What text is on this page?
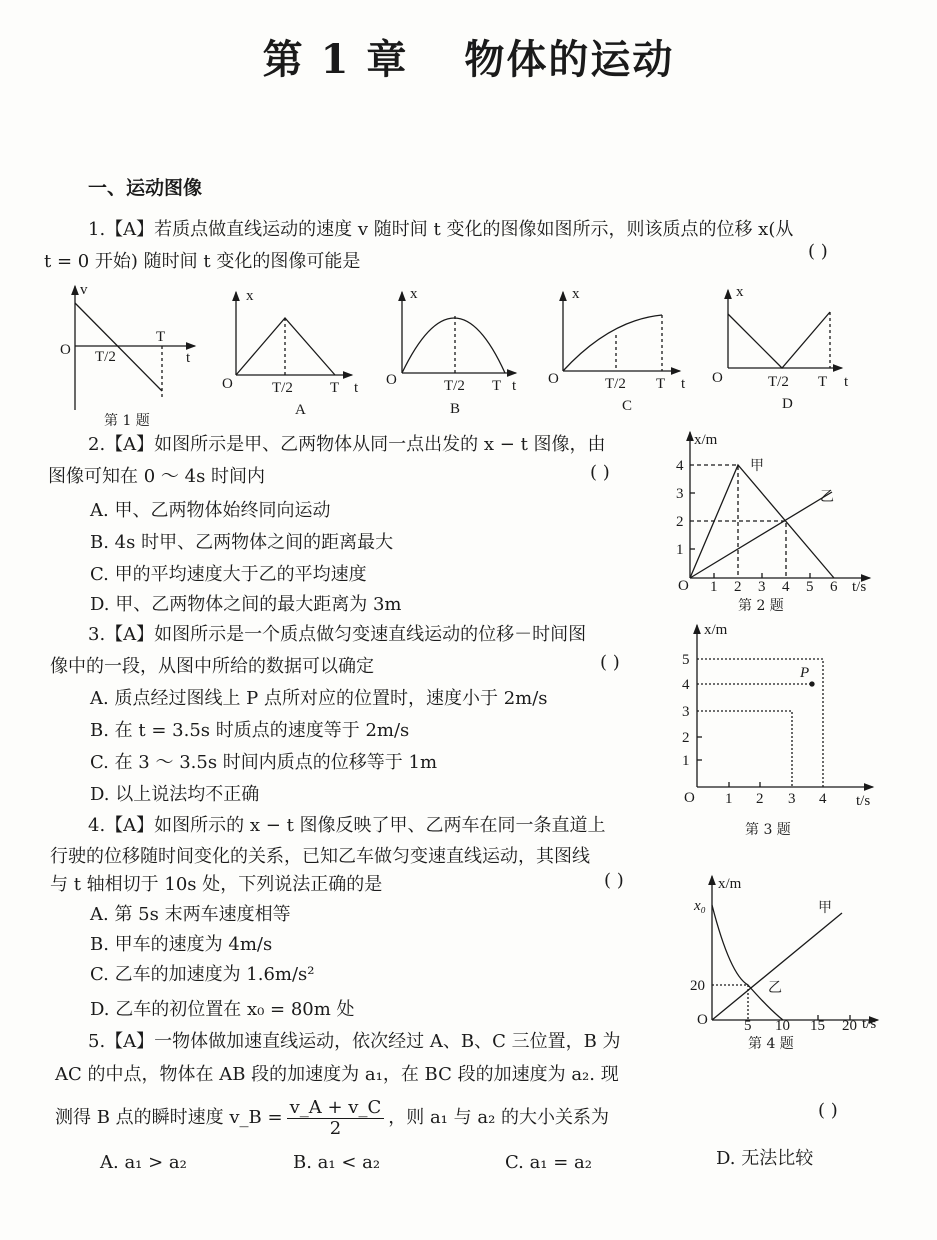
第 1 章 物体的运动
一、运动图像
1.【A】若质点做直线运动的速度 v 随时间 t 变化的图像如图所示，则该质点的位移 x(从
t = 0 开始) 随时间 t 变化的图像可能是	( )
2.【A】如图所示是甲、乙两物体从同一点出发的 x − t 图像，由
图像可知在 0 ～ 4s 时间内	( )
A. 甲、乙两物体始终同向运动
B. 4s 时甲、乙两物体之间的距离最大
C. 甲的平均速度大于乙的平均速度
D. 甲、乙两物体之间的最大距离为 3m
3.【A】如图所示是一个质点做匀变速直线运动的位移－时间图
像中的一段，从图中所给的数据可以确定	( )
A. 质点经过图线上 P 点所对应的位置时，速度小于 2m/s
B. 在 t = 3.5s 时质点的速度等于 2m/s
C. 在 3 ～ 3.5s 时间内质点的位移等于 1m
D. 以上说法均不正确
4.【A】如图所示的 x − t 图像反映了甲、乙两车在同一条直道上
行驶的位移随时间变化的关系，已知乙车做匀变速直线运动，其图线
与 t 轴相切于 10s 处，下列说法正确的是	( )
A. 第 5s 末两车速度相等
B. 甲车的速度为 4m/s
C. 乙车的加速度为 1.6m/s²
D. 乙车的初位置在 x₀ = 80m 处
5.【A】一物体做加速直线运动，依次经过 A、B、C 三位置，B 为
AC 的中点，物体在 AB 段的加速度为 a₁，在 BC 段的加速度为 a₂. 现
测得 B 点的瞬时速度 v_B = $\frac{v\_A + v\_C}{2}$ ，则 a₁ 与 a₂ 的大小关系为	( )
A. a₁ > a₂	B. a₁ < a₂	C. a₁ = a₂	D. 无法比较
v
O T/2
T
t
第 1 题
x
O	T/2 T t
A
x
O	T/2 T t
B
x
O	T/2 T t
C
x
O	T/2 T t
D
x/m
4
3
2
1
O 1 2 3 4 5 6 t/s
甲
乙
第 2 题
x/m
5
4
3
2
1
O 1 2 3 4 t/s
P
第 3 题
x/m
x₀
20
O 5 10 15 20 t/s
甲
乙
第 4 题
